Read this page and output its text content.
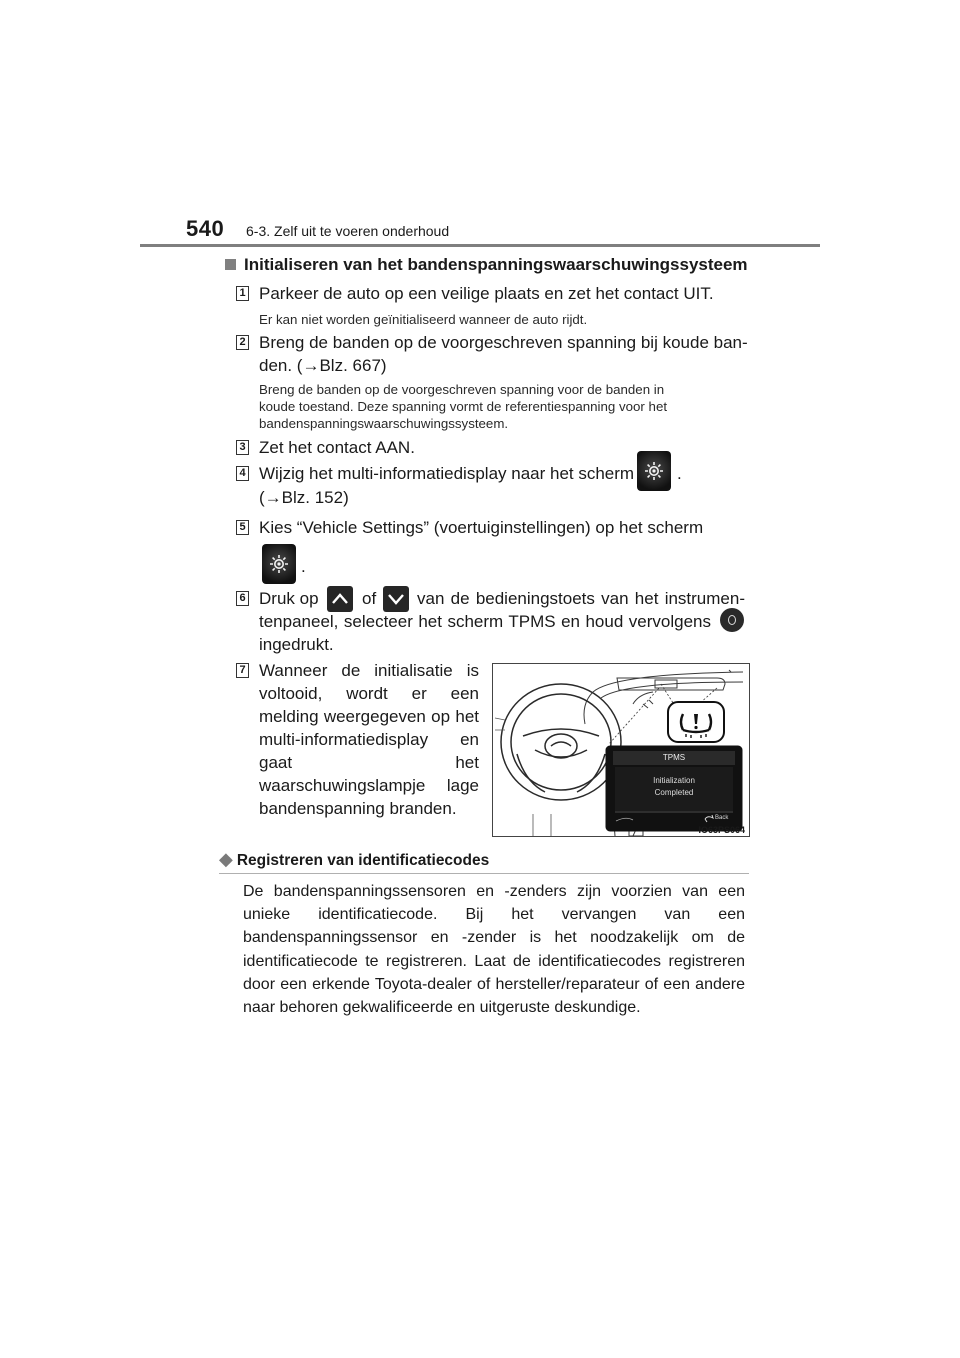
540 6-3. Zelf uit te voeren onderhoud
Initialiseren van het bandenspanningswaarschuwingssysteem
1 Parkeer de auto op een veilige plaats en zet het contact UIT.
Er kan niet worden geïnitialiseerd wanneer de auto rijdt.
2 Breng de banden op de voorgeschreven spanning bij koude ban-
den. (→Blz. 667)
Breng de banden op de voorgeschreven spanning voor de banden in
koude toestand. Deze spanning vormt de referentiespanning voor het
bandenspanningswaarschuwingssysteem.
3 Zet het contact AAN.
4 Wijzig het multi-informatiedisplay naar het scherm	.
(→Blz. 152)
5 Kies “Vehicle Settings” (voertuiginstellingen) op het scherm
.
6 Druk op	of van de bedieningstoets van het instrumen-
tenpaneel, selecteer het scherm TPMS en houd vervolgens
ingedrukt.
7 Wanneer de initialisatie is voltooid, wordt er een melding weergegeven op het multi-informatiedisplay en gaat het waarschuwingslampje lage bandenspanning branden.
TPMS
Initialization
Completed
Back
IO63PS064
◆ Registreren van identificatiecodes
De bandenspanningssensoren en -zenders zijn voorzien van een unieke identificatiecode. Bij het vervangen van een bandenspanningssensor en -zender is het noodzakelijk om de identificatiecode te registreren. Laat de identificatiecodes registreren door een erkende Toyota-dealer of hersteller/reparateur of een andere naar behoren gekwalificeerde en uitgeruste deskundige.
